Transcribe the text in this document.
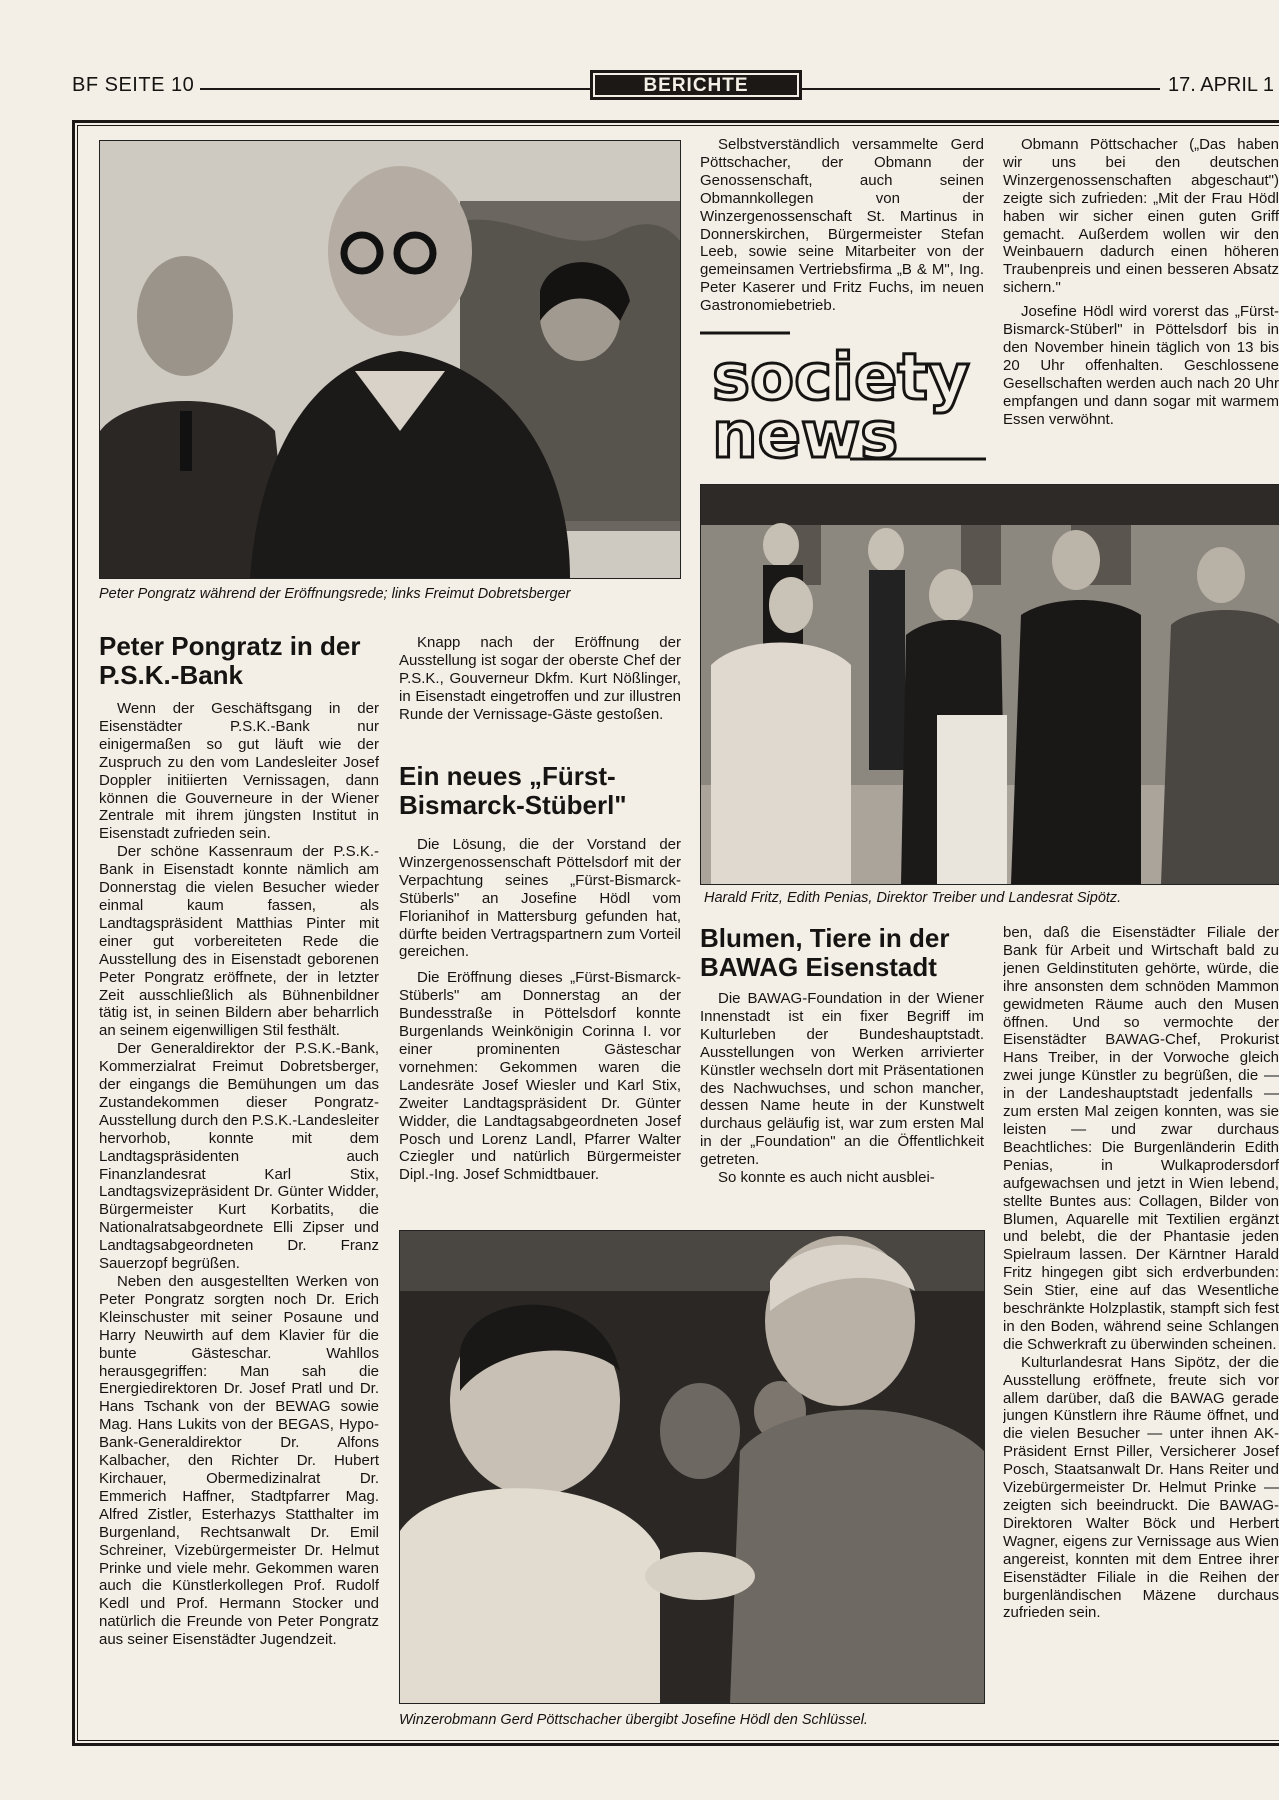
BF SEITE 10	BERICHTE	17. APRIL 1
Peter Pongratz während der Eröffnungsrede; links Freimut Dobretsberger

Selbstverständlich versammelte Gerd Pöttschacher, der Obmann der Genossenschaft, auch seinen Obmannkollegen von der Winzergenossenschaft St. Martinus in Donnerskirchen, Bürgermeister Stefan Leeb, sowie seine Mitarbeiter von der gemeinsamen Vertriebsfirma „B & M", Ing. Peter Kaserer und Fritz Fuchs, im neuen Gastronomiebetrieb.

Obmann Pöttschacher („Das haben wir uns bei den deutschen Winzergenossenschaften abgeschaut") zeigte sich zufrieden: „Mit der Frau Hödl haben wir sicher einen guten Griff gemacht. Außerdem wollen wir den Weinbauern dadurch einen höheren Traubenpreis und einen besseren Absatz sichern."

Josefine Hödl wird vorerst das „Fürst-Bismarck-Stüberl" in Pöttelsdorf bis in den November hinein täglich von 13 bis 20 Uhr offenhalten. Geschlossene Gesellschaften werden auch nach 20 Uhr empfangen und dann sogar mit warmem Essen verwöhnt.

society
news
Harald Fritz, Edith Penias, Direktor Treiber und Landesrat Sipötz.
Peter Pongratz in der P.S.K.-Bank

Wenn der Geschäftsgang in der Eisenstädter P.S.K.-Bank nur einigermaßen so gut läuft wie der Zuspruch zu den vom Landesleiter Josef Doppler initiierten Vernissagen, dann können die Gouverneure in der Wiener Zentrale mit ihrem jüngsten Institut in Eisenstadt zufrieden sein.

Der schöne Kassenraum der P.S.K.-Bank in Eisenstadt konnte nämlich am Donnerstag die vielen Besucher wieder einmal kaum fassen, als Landtagspräsident Matthias Pinter mit einer gut vorbereiteten Rede die Ausstellung des in Eisenstadt geborenen Peter Pongratz eröffnete, der in letzter Zeit ausschließlich als Bühnenbildner tätig ist, in seinen Bildern aber beharrlich an seinem eigenwilligen Stil festhält.

Der Generaldirektor der P.S.K.-Bank, Kommerzialrat Freimut Dobretsberger, der eingangs die Bemühungen um das Zustandekommen dieser Pongratz-Ausstellung durch den P.S.K.-Landesleiter hervorhob, konnte mit dem Landtagspräsidenten auch Finanzlandesrat Karl Stix, Landtagsvizepräsident Dr. Günter Widder, Bürgermeister Kurt Korbatits, die Nationalratsabgeordnete Elli Zipser und Landtagsabgeordneten Dr. Franz Sauerzopf begrüßen.

Neben den ausgestellten Werken von Peter Pongratz sorgten noch Dr. Erich Kleinschuster mit seiner Posaune und Harry Neuwirth auf dem Klavier für die bunte Gästeschar. Wahllos herausgegriffen: Man sah die Energiedirektoren Dr. Josef Pratl und Dr. Hans Tschank von der BEWAG sowie Mag. Hans Lukits von der BEGAS, Hypo-Bank-Generaldirektor Dr. Alfons Kalbacher, den Richter Dr. Hubert Kirchauer, Obermedizinalrat Dr. Emmerich Haffner, Stadtpfarrer Mag. Alfred Zistler, Esterhazys Statthalter im Burgenland, Rechtsanwalt Dr. Emil Schreiner, Vizebürgermeister Dr. Helmut Prinke und viele mehr. Gekommen waren auch die Künstlerkollegen Prof. Rudolf Kedl und Prof. Hermann Stocker und natürlich die Freunde von Peter Pongratz aus seiner Eisenstädter Jugendzeit.

Knapp nach der Eröffnung der Ausstellung ist sogar der oberste Chef der P.S.K., Gouverneur Dkfm. Kurt Nößlinger, in Eisenstadt eingetroffen und zur illustren Runde der Vernissage-Gäste gestoßen.

Ein neues „Fürst-Bismarck-Stüberl"

Die Lösung, die der Vorstand der Winzergenossenschaft Pöttelsdorf mit der Verpachtung seines „Fürst-Bismarck-Stüberls" an Josefine Hödl vom Florianihof in Mattersburg gefunden hat, dürfte beiden Vertragspartnern zum Vorteil gereichen.

Die Eröffnung dieses „Fürst-Bismarck-Stüberls" am Donnerstag an der Bundesstraße in Pöttelsdorf konnte Burgenlands Weinkönigin Corinna I. vor einer prominenten Gästeschar vornehmen: Gekommen waren die Landesräte Josef Wiesler und Karl Stix, Zweiter Landtagspräsident Dr. Günter Widder, die Landtagsabgeordneten Josef Posch und Lorenz Landl, Pfarrer Walter Cziegler und natürlich Bürgermeister Dipl.-Ing. Josef Schmidtbauer.

Blumen, Tiere in der BAWAG Eisenstadt

Die BAWAG-Foundation in der Wiener Innenstadt ist ein fixer Begriff im Kulturleben der Bundeshauptstadt. Ausstellungen von Werken arrivierter Künstler wechseln dort mit Präsentationen des Nachwuchses, und schon mancher, dessen Name heute in der Kunstwelt durchaus geläufig ist, war zum ersten Mal in der „Foundation" an die Öffentlichkeit getreten.

So konnte es auch nicht ausblei-

ben, daß die Eisenstädter Filiale der Bank für Arbeit und Wirtschaft bald zu jenen Geldinstituten gehörte, würde, die ihre ansonsten dem schnöden Mammon gewidmeten Räume auch den Musen öffnen. Und so vermochte der Eisenstädter BAWAG-Chef, Prokurist Hans Treiber, in der Vorwoche gleich zwei junge Künstler zu begrüßen, die — in der Landeshauptstadt jedenfalls — zum ersten Mal zeigen konnten, was sie leisten — und zwar durchaus Beachtliches: Die Burgenländerin Edith Penias, in Wulkaprodersdorf aufgewachsen und jetzt in Wien lebend, stellte Buntes aus: Collagen, Bilder von Blumen, Aquarelle mit Textilien ergänzt und belebt, die der Phantasie jeden Spielraum lassen. Der Kärntner Harald Fritz hingegen gibt sich erdverbunden: Sein Stier, eine auf das Wesentliche beschränkte Holzplastik, stampft sich fest in den Boden, während seine Schlangen die Schwerkraft zu überwinden scheinen.

Kulturlandesrat Hans Sipötz, der die Ausstellung eröffnete, freute sich vor allem darüber, daß die BAWAG gerade jungen Künstlern ihre Räume öffnet, und die vielen Besucher — unter ihnen AK-Präsident Ernst Piller, Versicherer Josef Posch, Staatsanwalt Dr. Hans Reiter und Vizebürgermeister Dr. Helmut Prinke — zeigten sich beeindruckt. Die BAWAG-Direktoren Walter Böck und Herbert Wagner, eigens zur Vernissage aus Wien angereist, konnten mit dem Entree ihrer Eisenstädter Filiale in die Reihen der burgenländischen Mäzene durchaus zufrieden sein.

Winzerobmann Gerd Pöttschacher übergibt Josefine Hödl den Schlüssel.
